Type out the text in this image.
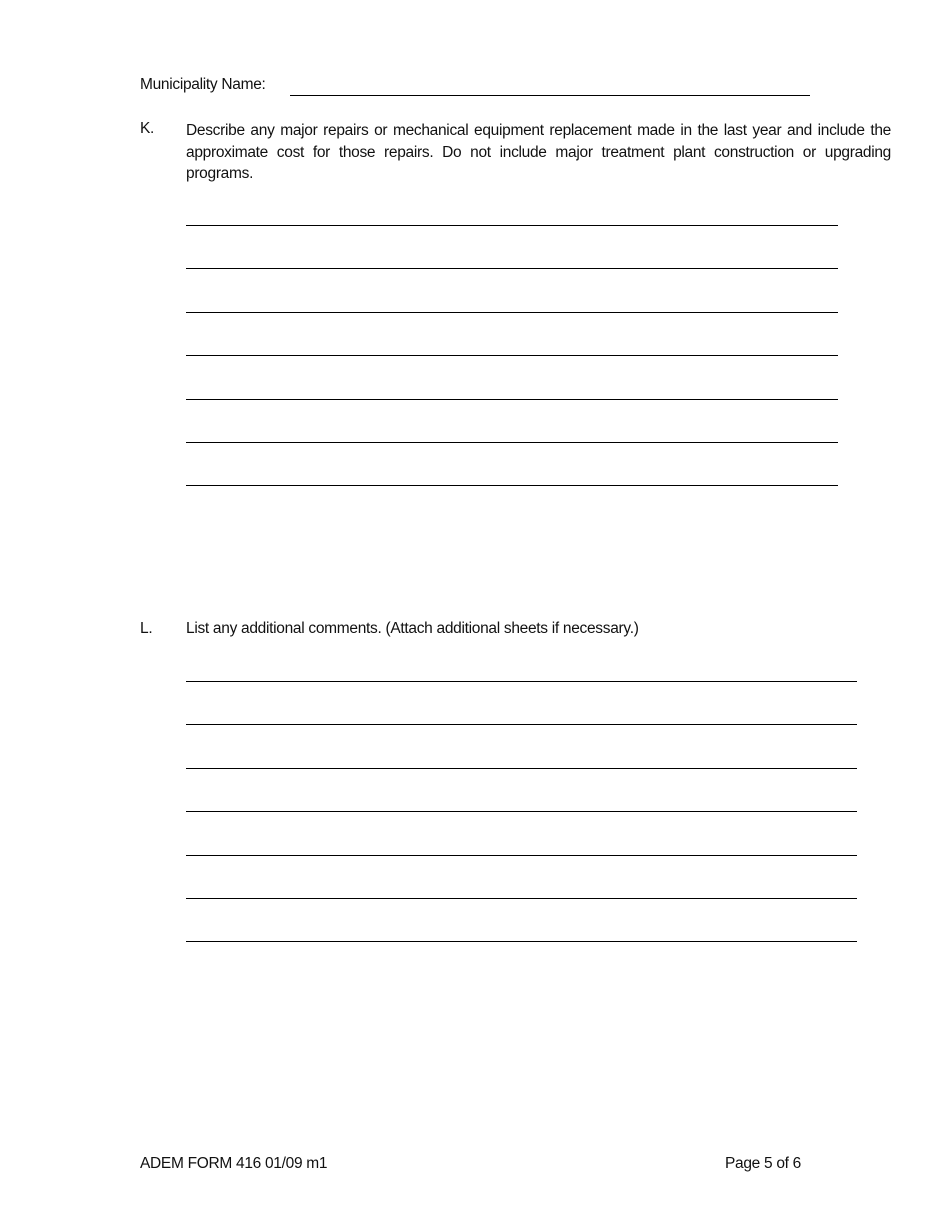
Municipality Name:
K. Describe any major repairs or mechanical equipment replacement made in the last year and include the approximate cost for those repairs. Do not include major treatment plant construction or upgrading programs.
L. List any additional comments. (Attach additional sheets if necessary.)
ADEM FORM 416 01/09 m1	Page 5 of 6
